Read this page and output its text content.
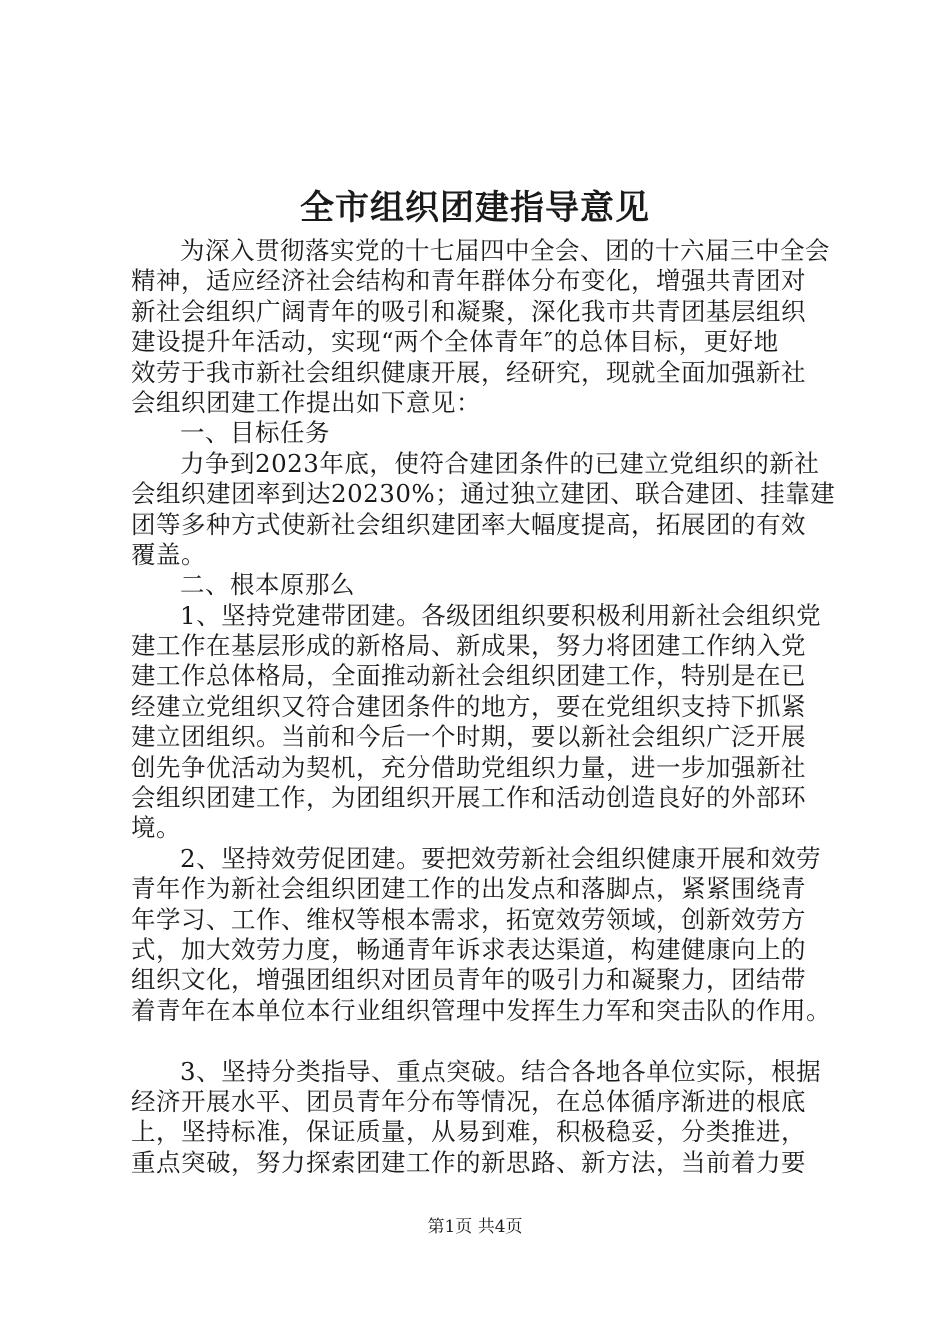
全市组织团建指导意见
为深入贯彻落实党的十七届四中全会、团的十六届三中全会
精神，适应经济社会结构和青年群体分布变化，增强共青团对
新社会组织广阔青年的吸引和凝聚，深化我市共青团基层组织
建设提升年活动，实现“两个全体青年″的总体目标，更好地
效劳于我市新社会组织健康开展，经研究，现就全面加强新社
会组织团建工作提出如下意见：
一、目标任务
力争到2023年底，使符合建团条件的已建立党组织的新社
会组织建团率到达20230%；通过独立建团、联合建团、挂靠建
团等多种方式使新社会组织建团率大幅度提高，拓展团的有效
覆盖。
二、根本原那么
1、坚持党建带团建。各级团组织要积极利用新社会组织党
建工作在基层形成的新格局、新成果，努力将团建工作纳入党
建工作总体格局，全面推动新社会组织团建工作，特别是在已
经建立党组织又符合建团条件的地方，要在党组织支持下抓紧
建立团组织。当前和今后一个时期，要以新社会组织广泛开展
创先争优活动为契机，充分借助党组织力量，进一步加强新社
会组织团建工作，为团组织开展工作和活动创造良好的外部环
境。
2、坚持效劳促团建。要把效劳新社会组织健康开展和效劳
青年作为新社会组织团建工作的出发点和落脚点，紧紧围绕青
年学习、工作、维权等根本需求，拓宽效劳领域，创新效劳方
式，加大效劳力度，畅通青年诉求表达渠道，构建健康向上的
组织文化，增强团组织对团员青年的吸引力和凝聚力，团结带
着青年在本单位本行业组织管理中发挥生力军和突击队的作用。
3、坚持分类指导、重点突破。结合各地各单位实际，根据
经济开展水平、团员青年分布等情况，在总体循序渐进的根底
上，坚持标准，保证质量，从易到难，积极稳妥，分类推进，
重点突破，努力探索团建工作的新思路、新方法，当前着力要
第1页 共4页
